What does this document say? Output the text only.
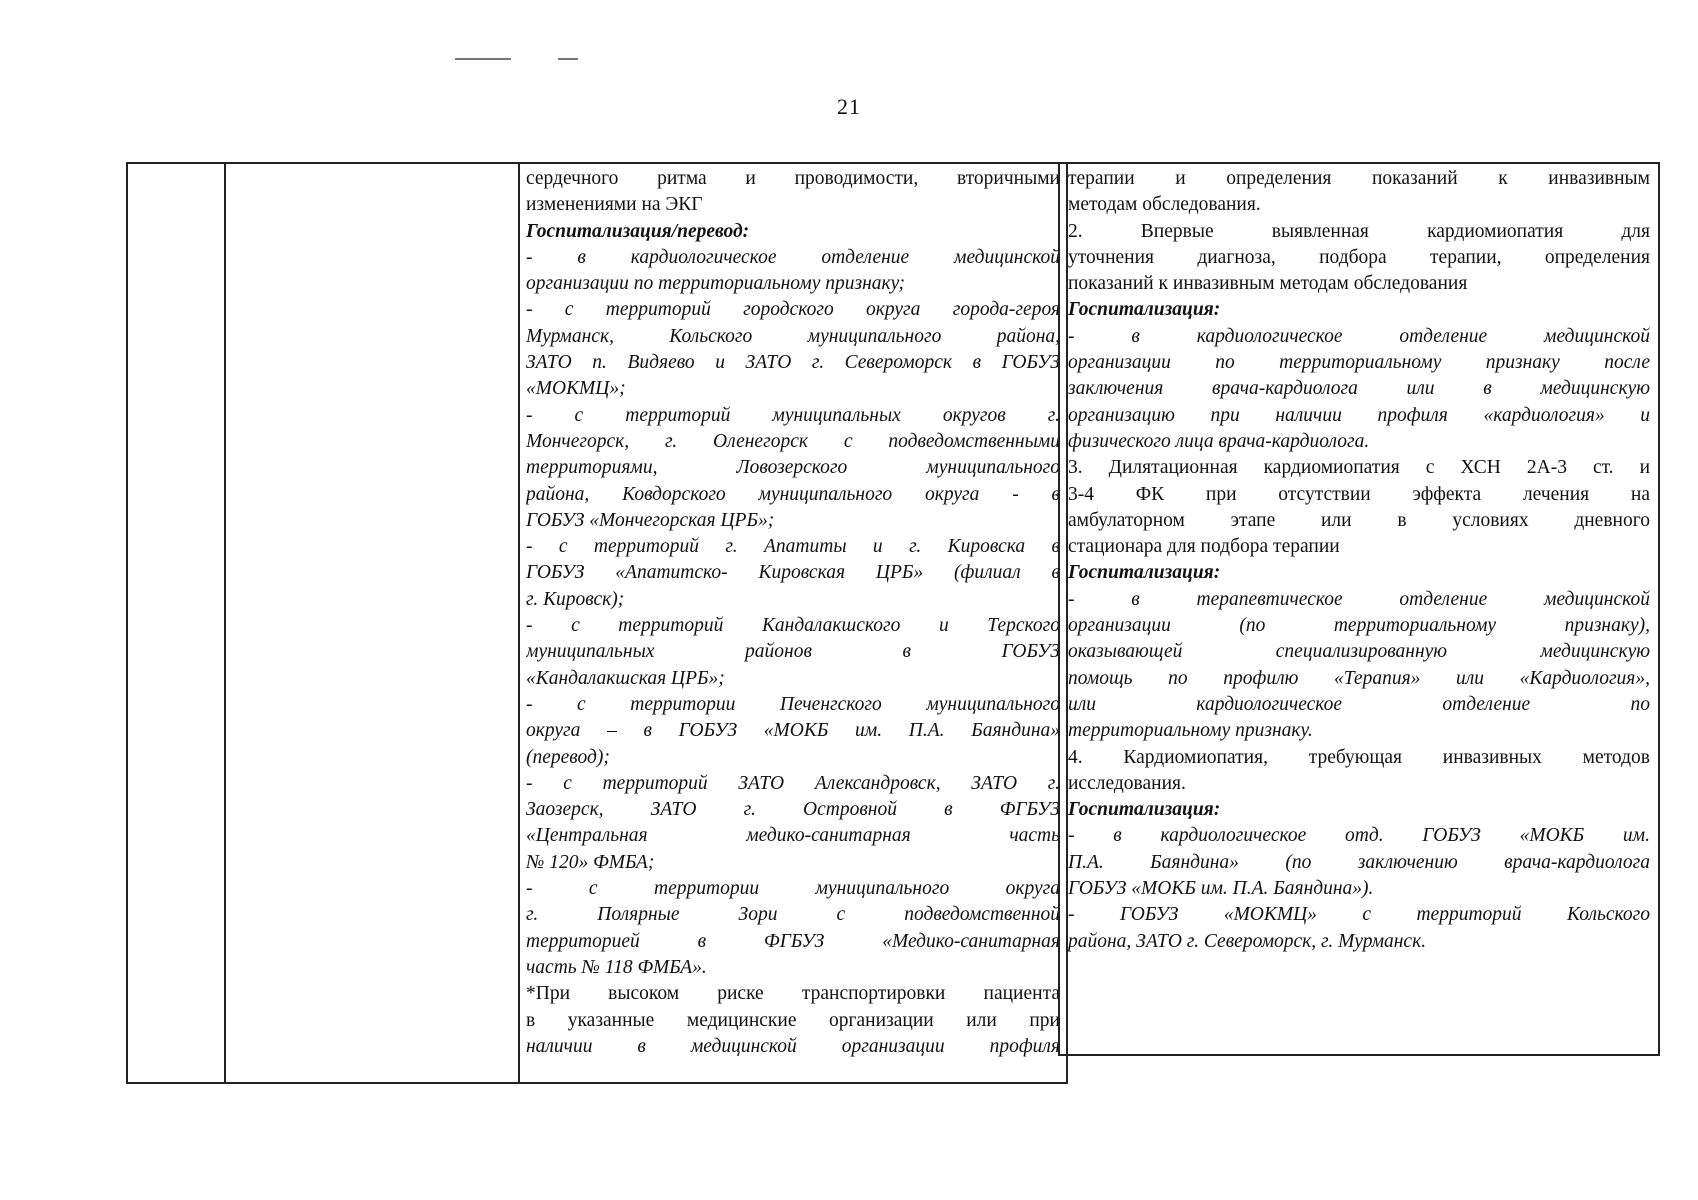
21
сердечного ритма и проводимости, вторичными
изменениями на ЭКГ
Госпитализация/перевод:
- в кардиологическое отделение медицинской
организации по территориальному признаку;
- с территорий городского округа города-героя
Мурманск, Кольского муниципального района,
ЗАТО п. Видяево и ЗАТО г. Североморск в ГОБУЗ
«МОКМЦ»;
- с территорий муниципальных округов г.
Мончегорск, г. Оленегорск с подведомственными
территориями, Ловозерского муниципального
района, Ковдорского муниципального округа - в
ГОБУЗ «Мончегорская ЦРБ»;
- с территорий г. Апатиты и г. Кировска в
ГОБУЗ «Апатитско- Кировская ЦРБ» (филиал в
г. Кировск);
- с территорий Кандалакшского и Терского
муниципальных районов в ГОБУЗ
«Кандалакшская ЦРБ»;
- с территории Печенгского муниципального
округа – в ГОБУЗ «МОКБ им. П.А. Баяндина»
(перевод);
- с территорий ЗАТО Александровск, ЗАТО г.
Заозерск, ЗАТО г. Островной в ФГБУЗ
«Центральная медико-санитарная часть
№ 120» ФМБА;
- с территории муниципального округа
г. Полярные Зори с подведомственной
территорией в ФГБУЗ «Медико-санитарная
часть № 118 ФМБА».
*При высоком риске транспортировки пациента
в указанные медицинские организации или при
наличии в медицинской организации профиля
терапии и определения показаний к инвазивным
методам обследования.
2. Впервые выявленная кардиомиопатия для
уточнения диагноза, подбора терапии, определения
показаний к инвазивным методам обследования
Госпитализация:
- в кардиологическое отделение медицинской
организации по территориальному признаку после
заключения врача-кардиолога или в медицинскую
организацию при наличии профиля «кардиология» и
физического лица врача-кардиолога.
3. Дилятационная кардиомиопатия с ХСН 2А-3 ст. и
3-4 ФК при отсутствии эффекта лечения на
амбулаторном этапе или в условиях дневного
стационара для подбора терапии
Госпитализация:
- в терапевтическое отделение медицинской
организации (по территориальному признаку),
оказывающей специализированную медицинскую
помощь по профилю «Терапия» или «Кардиология»,
или кардиологическое отделение по
территориальному признаку.
4. Кардиомиопатия, требующая инвазивных методов
исследования.
Госпитализация:
- в кардиологическое отд. ГОБУЗ «МОКБ им.
П.А. Баяндина» (по заключению врача-кардиолога
ГОБУЗ «МОКБ им. П.А. Баяндина»).
- ГОБУЗ «МОКМЦ» с территорий Кольского
района, ЗАТО г. Североморск, г. Мурманск.
